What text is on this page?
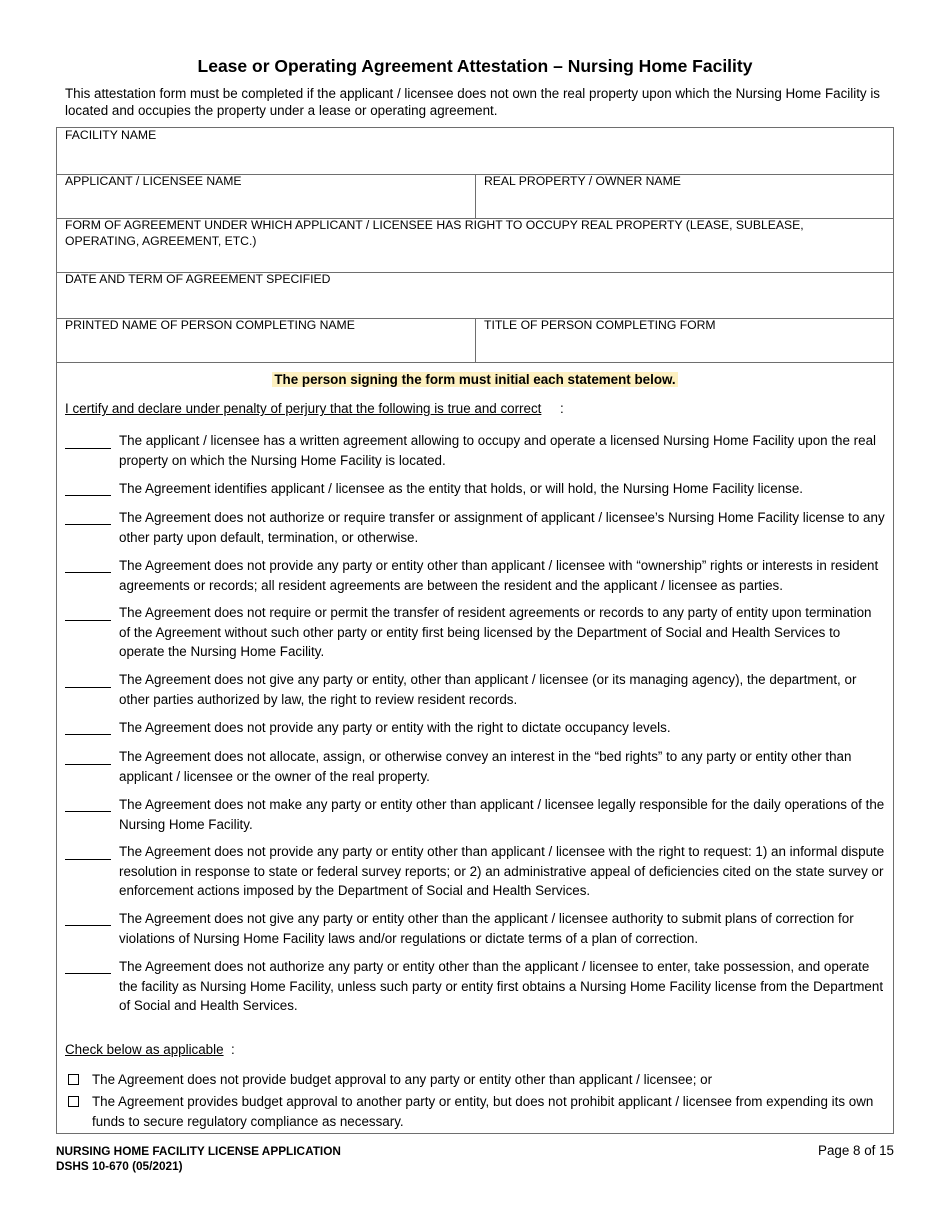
Lease or Operating Agreement Attestation – Nursing Home Facility
This attestation form must be completed if the applicant / licensee does not own the real property upon which the Nursing Home Facility is located and occupies the property under a lease or operating agreement.
FACILITY NAME
APPLICANT / LICENSEE NAME	REAL PROPERTY / OWNER NAME
FORM OF AGREEMENT UNDER WHICH APPLICANT / LICENSEE HAS RIGHT TO OCCUPY REAL PROPERTY (LEASE, SUBLEASE, OPERATING, AGREEMENT, ETC.)
DATE AND TERM OF AGREEMENT SPECIFIED
PRINTED NAME OF PERSON COMPLETING NAME	TITLE OF PERSON COMPLETING FORM
The person signing the form must initial each statement below.
I certify and declare under penalty of perjury that the following is true and correct :
The applicant / licensee has a written agreement allowing to occupy and operate a licensed Nursing Home Facility upon the real property on which the Nursing Home Facility is located.
The Agreement identifies applicant / licensee as the entity that holds, or will hold, the Nursing Home Facility license.
The Agreement does not authorize or require transfer or assignment of applicant / licensee’s Nursing Home Facility license to any other party upon default, termination, or otherwise.
The Agreement does not provide any party or entity other than applicant / licensee with “ownership” rights or interests in resident agreements or records; all resident agreements are between the resident and the applicant / licensee as parties.
The Agreement does not require or permit the transfer of resident agreements or records to any party of entity upon termination of the Agreement without such other party or entity first being licensed by the Department of Social and Health Services to operate the Nursing Home Facility.
The Agreement does not give any party or entity, other than applicant / licensee (or its managing agency), the department, or other parties authorized by law, the right to review resident records.
The Agreement does not provide any party or entity with the right to dictate occupancy levels.
The Agreement does not allocate, assign, or otherwise convey an interest in the “bed rights” to any party or entity other than applicant / licensee or the owner of the real property.
The Agreement does not make any party or entity other than applicant / licensee legally responsible for the daily operations of the Nursing Home Facility.
The Agreement does not provide any party or entity other than applicant / licensee with the right to request: 1) an informal dispute resolution in response to state or federal survey reports; or 2) an administrative appeal of deficiencies cited on the state survey or enforcement actions imposed by the Department of Social and Health Services.
The Agreement does not give any party or entity other than the applicant / licensee authority to submit plans of correction for violations of Nursing Home Facility laws and/or regulations or dictate terms of a plan of correction.
The Agreement does not authorize any party or entity other than the applicant / licensee to enter, take possession, and operate the facility as Nursing Home Facility, unless such party or entity first obtains a Nursing Home Facility license from the Department of Social and Health Services.
Check below as applicable :
The Agreement does not provide budget approval to any party or entity other than applicant / licensee; or
The Agreement provides budget approval to another party or entity, but does not prohibit applicant / licensee from expending its own funds to secure regulatory compliance as necessary.
NURSING HOME FACILITY LICENSE APPLICATION
DSHS 10-670 (05/2021)
Page 8 of 15
